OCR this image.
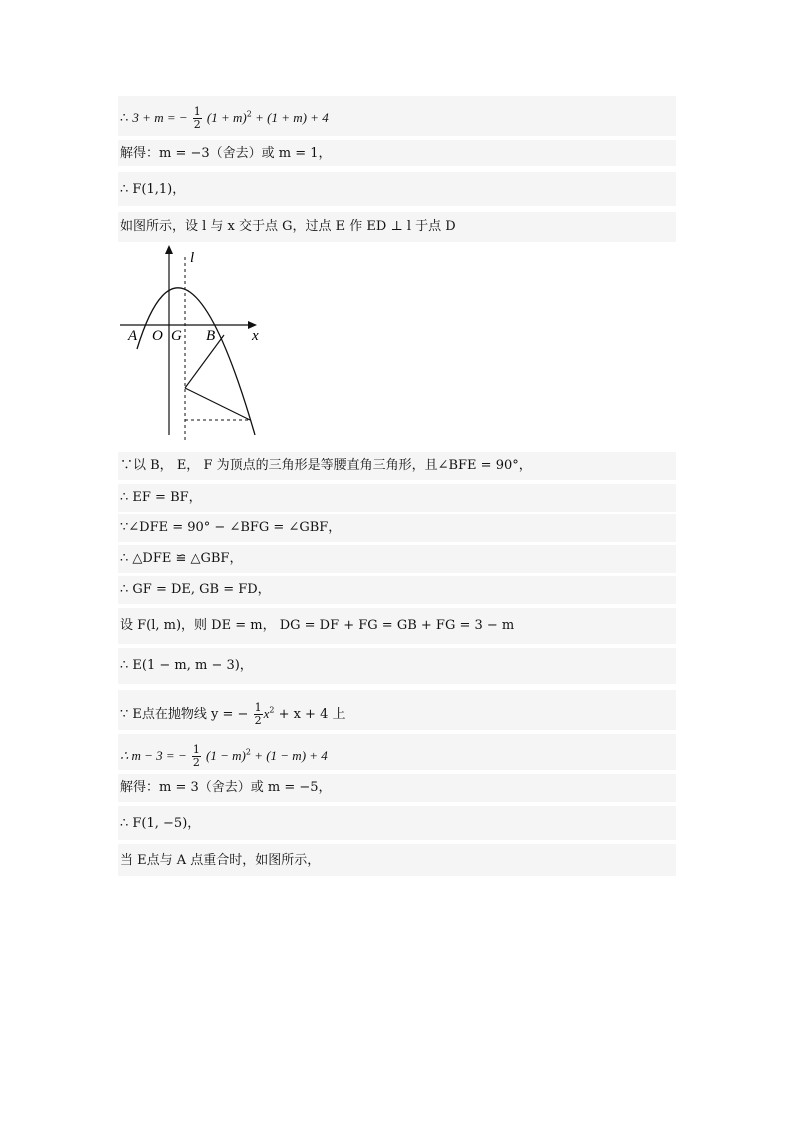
∴ 3 + m = − $\frac{1}{2} (1 + m)^2 + (1 + m) + 4$
解得：m = −3（舍去）或 m = 1，
∴ F(1,1)，
如图所示，设 l 与 x 交于点 G，过点 E 作 ED ⊥ l 于点 D
l
x
A O G B
∵以 B， E， F 为顶点的三角形是等腰直角三角形，且∠BFE = 90°，
∴ EF = BF，
∵∠DFE = 90° − ∠BFG = ∠GBF，
∴ △DFE ≌ △GBF，
∴ GF = DE, GB = FD，
设 F(l, m)，则 DE = m， DG = DF + FG = GB + FG = 3 − m
∴ E(1 − m, m − 3)，
∵ E点在抛物线 y = − $\frac{1}{2} x^2 + x + 4$ 上
∴ m − 3 = − $\frac{1}{2} (1 - m)^2 + (1 - m) + 4$
解得：m = 3（舍去）或 m = −5，
∴ F(1, −5)，
当 E点与 A 点重合时，如图所示，
